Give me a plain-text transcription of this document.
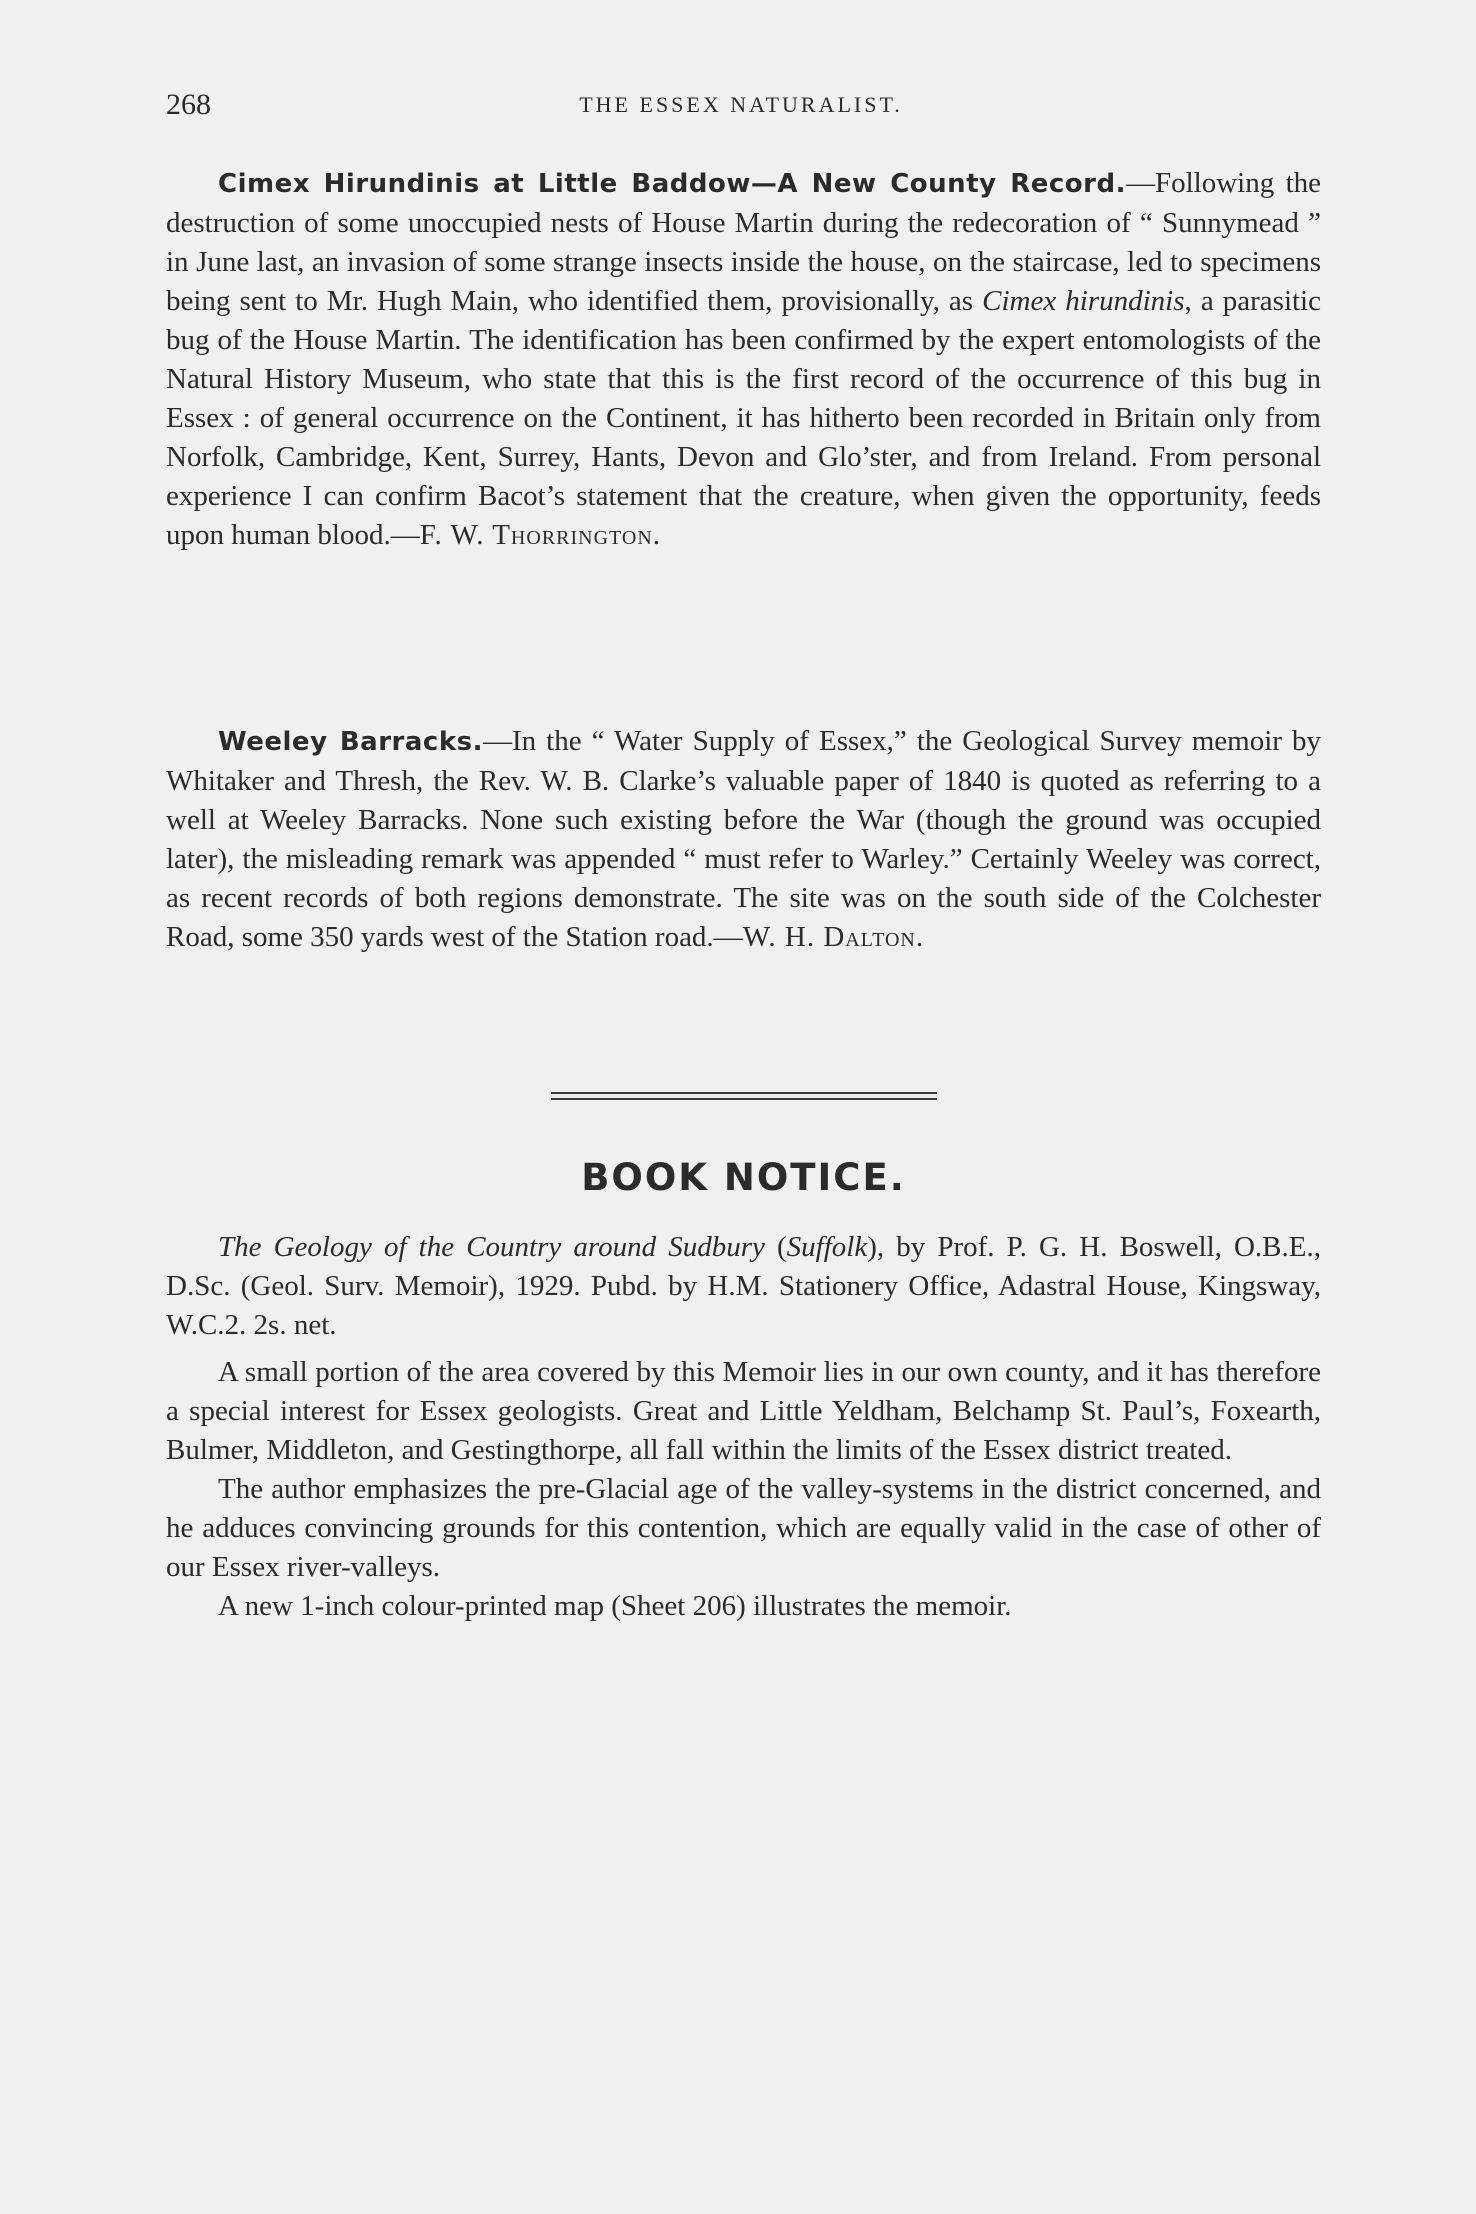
268	THE ESSEX NATURALIST.

Cimex Hirundinis at Little Baddow—A New County Record.—Following the destruction of some unoccupied nests of House Martin during the redecoration of “ Sunnymead ” in June last, an invasion of some strange insects inside the house, on the staircase, led to specimens being sent to Mr. Hugh Main, who identified them, provisionally, as Cimex hirundinis, a parasitic bug of the House Martin. The identification has been confirmed by the expert entomologists of the Natural History Museum, who state that this is the first record of the occurrence of this bug in Essex : of general occurrence on the Continent, it has hitherto been recorded in Britain only from Norfolk, Cambridge, Kent, Surrey, Hants, Devon and Glo’ster, and from Ireland. From personal experience I can confirm Bacot’s statement that the creature, when given the opportunity, feeds upon human blood.—F. W. Thorrington.

Weeley Barracks.—In the “ Water Supply of Essex,” the Geological Survey memoir by Whitaker and Thresh, the Rev. W. B. Clarke’s valuable paper of 1840 is quoted as referring to a well at Weeley Barracks. None such existing before the War (though the ground was occupied later), the misleading remark was appended “ must refer to Warley.” Certainly Weeley was correct, as recent records of both regions demonstrate. The site was on the south side of the Colchester Road, some 350 yards west of the Station road.—W. H. Dalton.

BOOK NOTICE.

The Geology of the Country around Sudbury (Suffolk), by Prof. P. G. H. Boswell, O.B.E., D.Sc. (Geol. Surv. Memoir), 1929. Pubd. by H.M. Stationery Office, Adastral House, Kingsway, W.C.2. 2s. net.

A small portion of the area covered by this Memoir lies in our own county, and it has therefore a special interest for Essex geologists. Great and Little Yeldham, Belchamp St. Paul’s, Foxearth, Bulmer, Middleton, and Gestingthorpe, all fall within the limits of the Essex district treated.

The author emphasizes the pre-Glacial age of the valley-systems in the district concerned, and he adduces convincing grounds for this contention, which are equally valid in the case of other of our Essex river-valleys.

A new 1-inch colour-printed map (Sheet 206) illustrates the memoir.
